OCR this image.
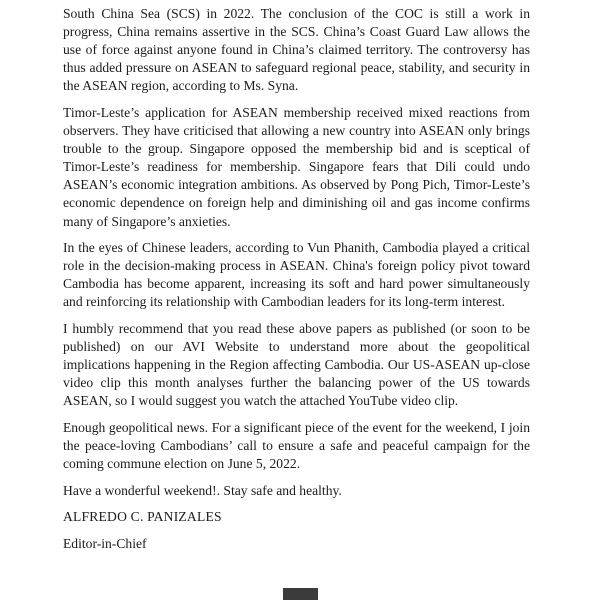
South China Sea (SCS) in 2022. The conclusion of the COC is still a work in progress, China remains assertive in the SCS. China’s Coast Guard Law allows the use of force against anyone found in China’s claimed territory. The controversy has thus added pressure on ASEAN to safeguard regional peace, stability, and security in the ASEAN region, according to Ms. Syna.

Timor-Leste’s application for ASEAN membership received mixed reactions from observers. They have criticised that allowing a new country into ASEAN only brings trouble to the group. Singapore opposed the membership bid and is sceptical of Timor-Leste’s readiness for membership. Singapore fears that Dili could undo ASEAN’s economic integration ambitions. As observed by Pong Pich, Timor-Leste’s economic dependence on foreign help and diminishing oil and gas income confirms many of Singapore’s anxieties.

In the eyes of Chinese leaders, according to Vun Phanith, Cambodia played a critical role in the decision-making process in ASEAN. China's foreign policy pivot toward Cambodia has become apparent, increasing its soft and hard power simultaneously and reinforcing its relationship with Cambodian leaders for its long-term interest.

I humbly recommend that you read these above papers as published (or soon to be published) on our AVI Website to understand more about the geopolitical implications happening in the Region affecting Cambodia. Our US-ASEAN up-close video clip this month analyses further the balancing power of the US towards ASEAN, so I would suggest you watch the attached YouTube video clip.

Enough geopolitical news. For a significant piece of the event for the weekend, I join the peace-loving Cambodians’ call to ensure a safe and peaceful campaign for the coming commune election on June 5, 2022.

Have a wonderful weekend!. Stay safe and healthy.

ALFREDO C. PANIZALES

Editor-in-Chief
